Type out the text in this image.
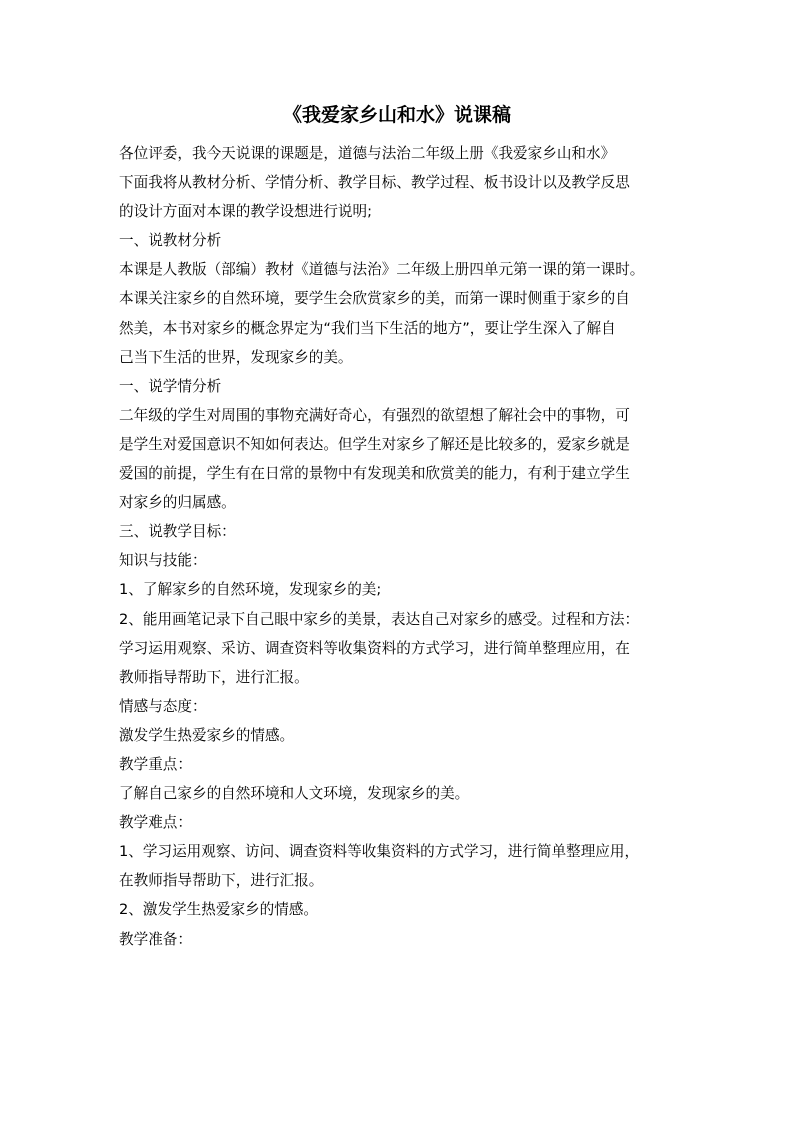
《我爱家乡山和水》说课稿
各位评委，我今天说课的课题是，道德与法治二年级上册《我爱家乡山和水》
下面我将从教材分析、学情分析、教学目标、教学过程、板书设计以及教学反思
的设计方面对本课的教学设想进行说明;
一、说教材分析
本课是人教版（部编）教材《道德与法治》二年级上册四单元第一课的第一课时。
本课关注家乡的自然环境，要学生会欣赏家乡的美，而第一课时侧重于家乡的自
然美，本书对家乡的概念界定为“我们当下生活的地方”，要让学生深入了解自
己当下生活的世界，发现家乡的美。
一、说学情分析
二年级的学生对周围的事物充满好奇心，有强烈的欲望想了解社会中的事物，可
是学生对爱国意识不知如何表达。但学生对家乡了解还是比较多的，爱家乡就是
爱国的前提，学生有在日常的景物中有发现美和欣赏美的能力，有利于建立学生
对家乡的归属感。
三、说教学目标：
知识与技能：
1、了解家乡的自然环境，发现家乡的美;
2、能用画笔记录下自己眼中家乡的美景，表达自己对家乡的感受。过程和方法：
学习运用观察、采访、调查资料等收集资料的方式学习，进行简单整理应用，在
教师指导帮助下，进行汇报。
情感与态度：
激发学生热爱家乡的情感。
教学重点：
了解自己家乡的自然环境和人文环境，发现家乡的美。
教学难点：
1、学习运用观察、访问、调查资料等收集资料的方式学习，进行简单整理应用，
在教师指导帮助下，进行汇报。
2、激发学生热爱家乡的情感。
教学准备：
